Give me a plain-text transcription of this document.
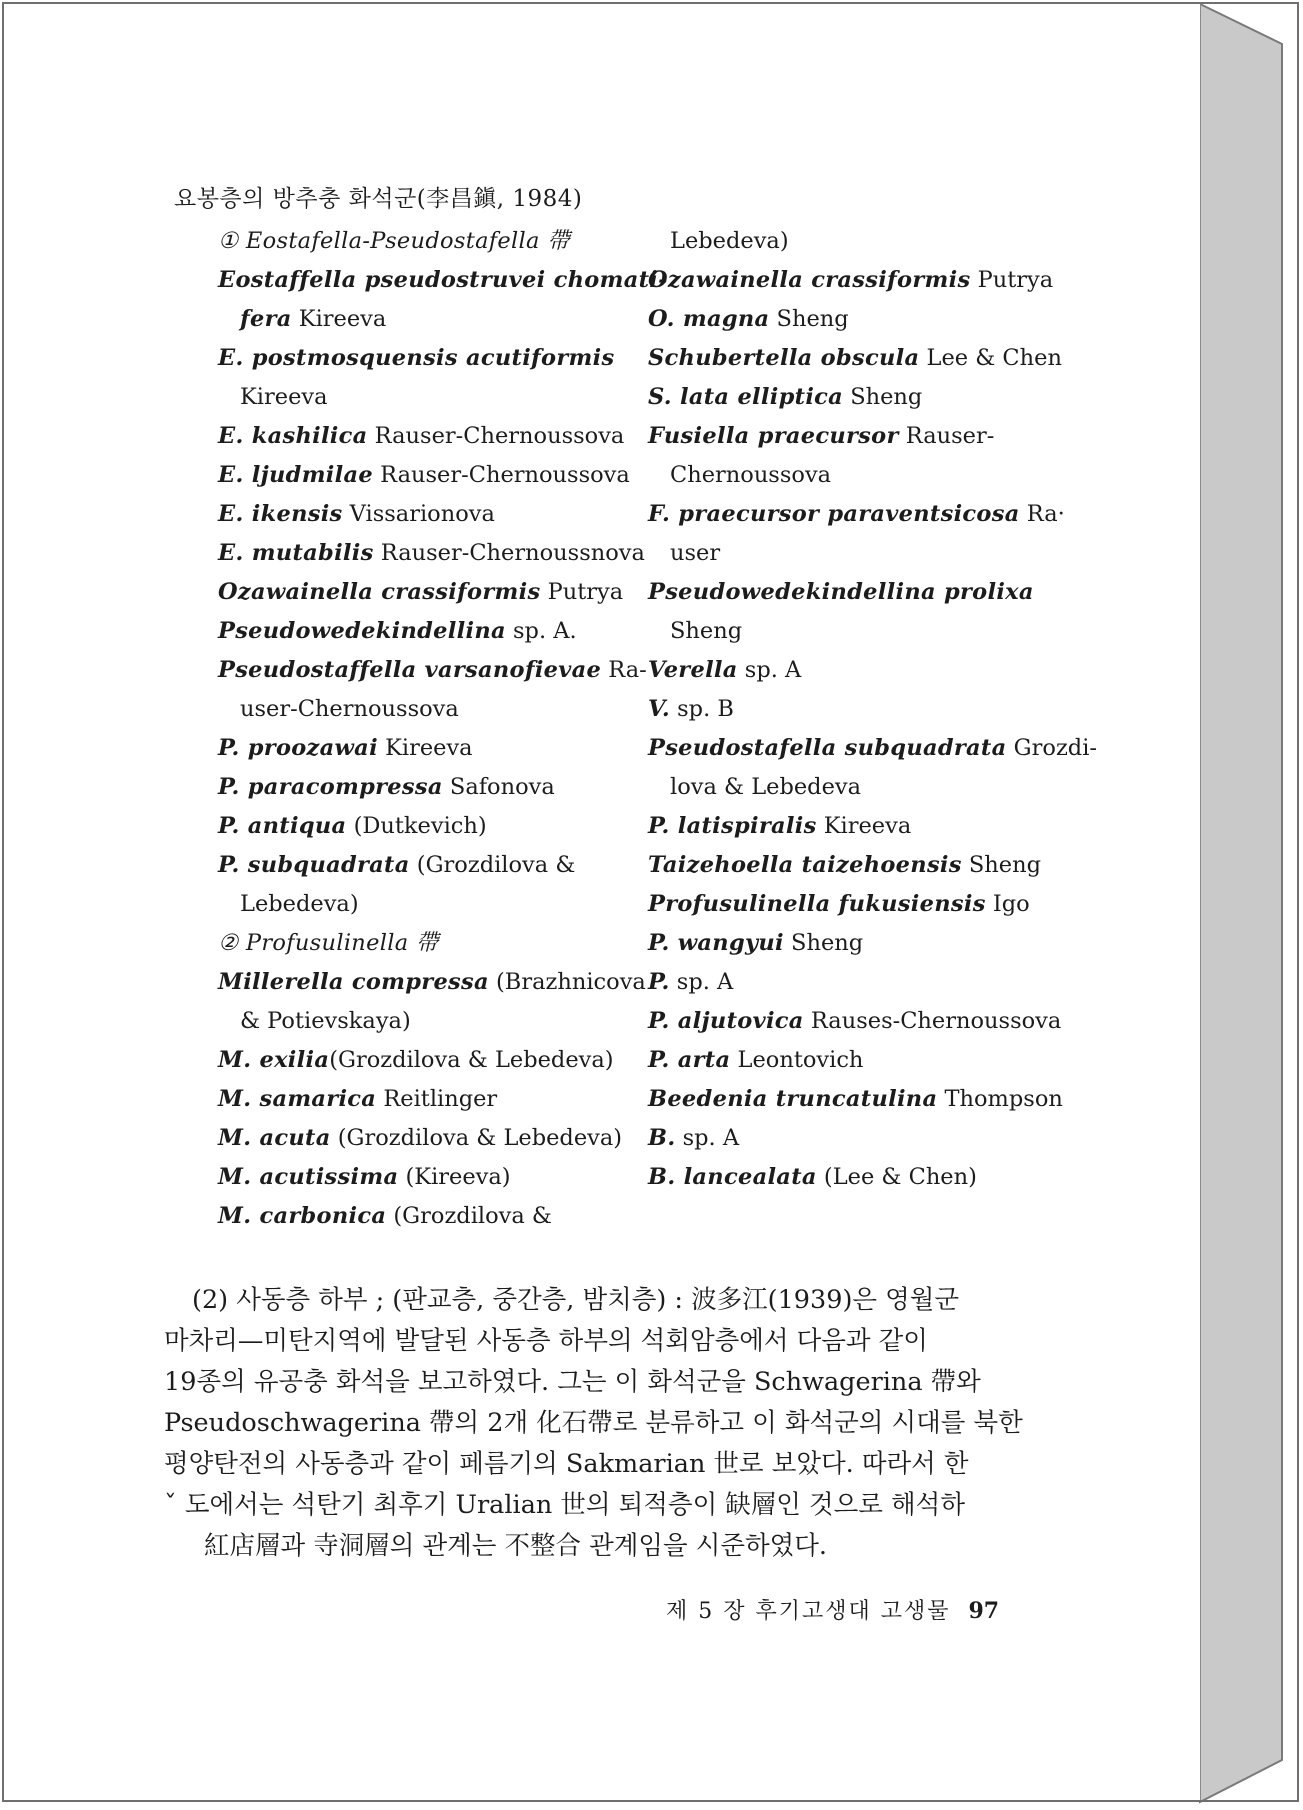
요봉층의 방추충 화석군(李昌鎭, 1984)
① Eostafella-Pseudostafella 帶
Eostaffella pseudostruvei chomati-
fera Kireeva
E. postmosquensis acutiformis
Kireeva
E. kashilica Rauser-Chernoussova
E. ljudmilae Rauser-Chernoussova
E. ikensis Vissarionova
E. mutabilis Rauser-Chernoussnova
Ozawainella crassiformis Putrya
Pseudowedekindellina sp. A.
Pseudostaffella varsanofievae Ra-
user-Chernoussova
P. proozawai Kireeva
P. paracompressa Safonova
P. antiqua (Dutkevich)
P. subquadrata (Grozdilova &
Lebedeva)
② Profusulinella 帶
Millerella compressa (Brazhnicova
& Potievskaya)
M. exilia(Grozdilova & Lebedeva)
M. samarica Reitlinger
M. acuta (Grozdilova & Lebedeva)
M. acutissima (Kireeva)
M. carbonica (Grozdilova &
Lebedeva)
Ozawainella crassiformis Putrya
O. magna Sheng
Schubertella obscula Lee & Chen
S. lata elliptica Sheng
Fusiella praecursor Rauser-
Chernoussova
F. praecursor paraventsicosa Ra·
user
Pseudowedekindellina prolixa
Sheng
Verella sp. A
V. sp. B
Pseudostafella subquadrata Grozdi-
lova & Lebedeva
P. latispiralis Kireeva
Taizehoella taizehoensis Sheng
Profusulinella fukusiensis Igo
P. wangyui Sheng
P. sp. A
P. aljutovica Rauses-Chernoussova
P. arta Leontovich
Beedenia truncatulina Thompson
B. sp. A
B. lancealata (Lee & Chen)
(2) 사동층 하부 ; (판교층, 중간층, 밤치층) : 波多江(1939)은 영월군
마차리—미탄지역에 발달된 사동층 하부의 석회암층에서 다음과 같이
19종의 유공충 화석을 보고하였다. 그는 이 화석군을 Schwagerina 帶와
Pseudoschwagerina 帶의 2개 化石帶로 분류하고 이 화석군의 시대를 북한
평양탄전의 사동층과 같이 페름기의 Sakmarian 世로 보았다. 따라서 한
ˇ 도에서는 석탄기 최후기 Uralian 世의 퇴적층이 缺層인 것으로 해석하
紅店層과 寺洞層의 관계는 不整合 관계임을 시준하였다.
제 5 장 후기고생대 고생물 97
